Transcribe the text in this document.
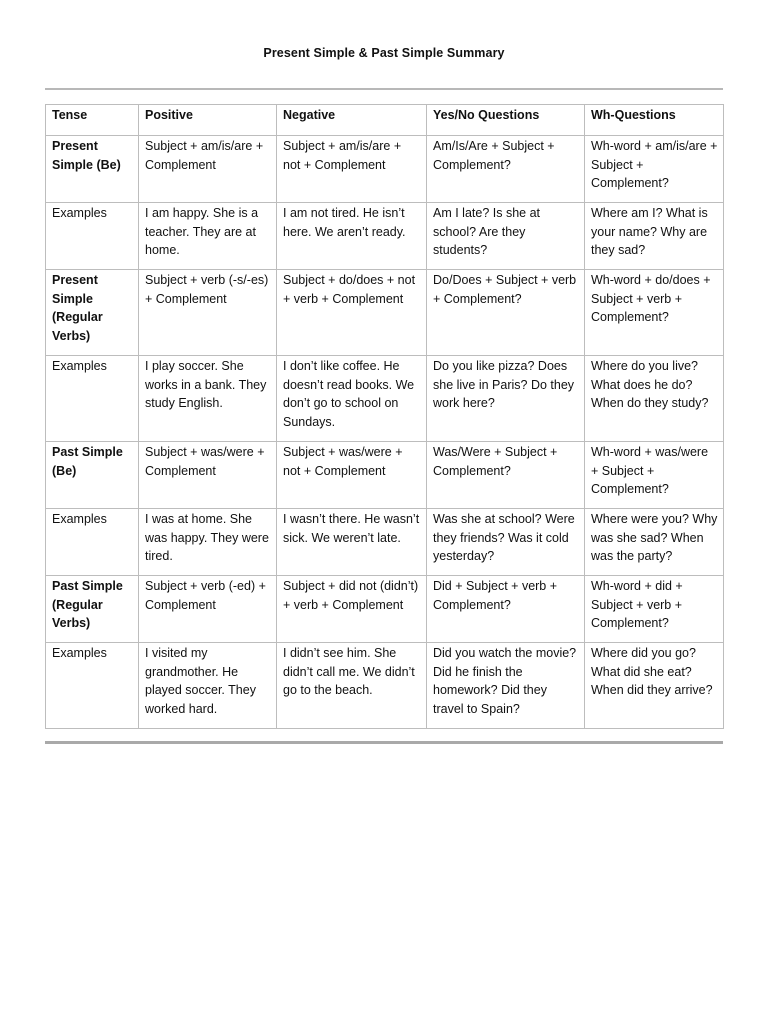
Present Simple & Past Simple Summary
Tense	Positive	Negative	Yes/No Questions	Wh-Questions
Present Simple (Be)	Subject + am/is/are + Complement	Subject + am/is/are + not + Complement	Am/Is/Are + Subject + Complement?	Wh-word + am/is/are + Subject + Complement?
Examples	I am happy. She is a teacher. They are at home.	I am not tired. He isn’t here. We aren’t ready.	Am I late? Is she at school? Are they students?	Where am I? What is your name? Why are they sad?
Present Simple (Regular Verbs)	Subject + verb (-s/-es) + Complement	Subject + do/does + not + verb + Complement	Do/Does + Subject + verb + Complement?	Wh-word + do/does + Subject + verb + Complement?
Examples	I play soccer. She works in a bank. They study English.	I don’t like coffee. He doesn’t read books. We don’t go to school on Sundays.	Do you like pizza? Does she live in Paris? Do they work here?	Where do you live? What does he do? When do they study?
Past Simple (Be)	Subject + was/were + Complement	Subject + was/were + not + Complement	Was/Were + Subject + Complement?	Wh-word + was/were + Subject + Complement?
Examples	I was at home. She was happy. They were tired.	I wasn’t there. He wasn’t sick. We weren’t late.	Was she at school? Were they friends? Was it cold yesterday?	Where were you? Why was she sad? When was the party?
Past Simple (Regular Verbs)	Subject + verb (-ed) + Complement	Subject + did not (didn’t) + verb + Complement	Did + Subject + verb + Complement?	Wh-word + did + Subject + verb + Complement?
Examples	I visited my grandmother. He played soccer. They worked hard.	I didn’t see him. She didn’t call me. We didn’t go to the beach.	Did you watch the movie? Did he finish the homework? Did they travel to Spain?	Where did you go? What did she eat? When did they arrive?
